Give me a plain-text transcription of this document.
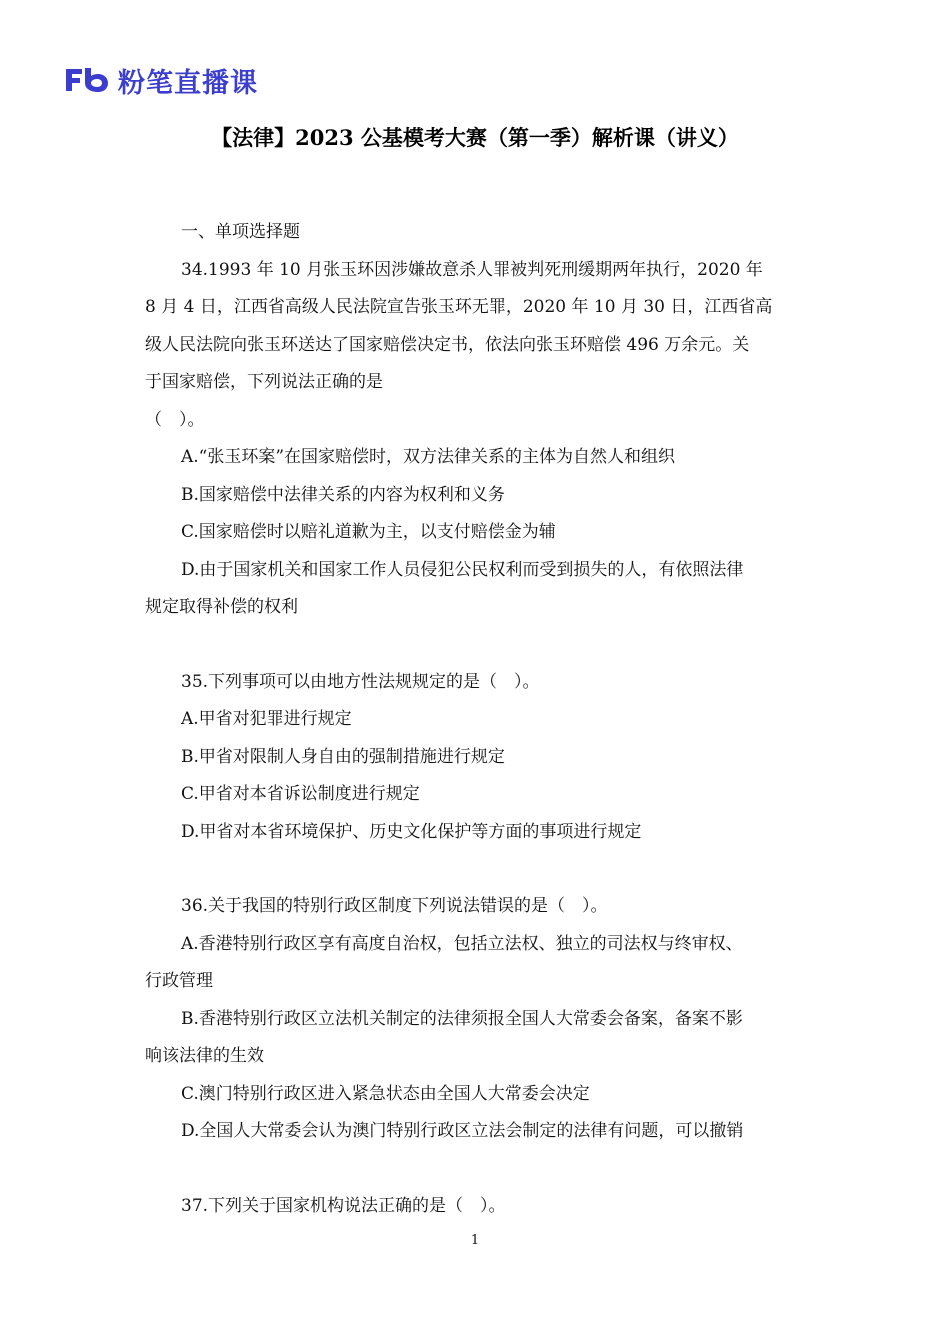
粉笔直播课
【法律】2023 公基模考大赛（第一季）解析课（讲义）
一、单项选择题
34.1993 年 10 月张玉环因涉嫌故意杀人罪被判死刑缓期两年执行，2020 年
8 月 4 日，江西省高级人民法院宣告张玉环无罪，2020 年 10 月 30 日，江西省高
级人民法院向张玉环送达了国家赔偿决定书，依法向张玉环赔偿 496 万余元。关
于国家赔偿，下列说法正确的是
（　）。
A.“张玉环案”在国家赔偿时，双方法律关系的主体为自然人和组织
B.国家赔偿中法律关系的内容为权利和义务
C.国家赔偿时以赔礼道歉为主，以支付赔偿金为辅
D.由于国家机关和国家工作人员侵犯公民权利而受到损失的人，有依照法律
规定取得补偿的权利
35.下列事项可以由地方性法规规定的是（　）。
A.甲省对犯罪进行规定
B.甲省对限制人身自由的强制措施进行规定
C.甲省对本省诉讼制度进行规定
D.甲省对本省环境保护、历史文化保护等方面的事项进行规定
36.关于我国的特别行政区制度下列说法错误的是（　）。
A.香港特别行政区享有高度自治权，包括立法权、独立的司法权与终审权、
行政管理
B.香港特别行政区立法机关制定的法律须报全国人大常委会备案，备案不影
响该法律的生效
C.澳门特别行政区进入紧急状态由全国人大常委会决定
D.全国人大常委会认为澳门特别行政区立法会制定的法律有问题，可以撤销
37.下列关于国家机构说法正确的是（　）。
1
